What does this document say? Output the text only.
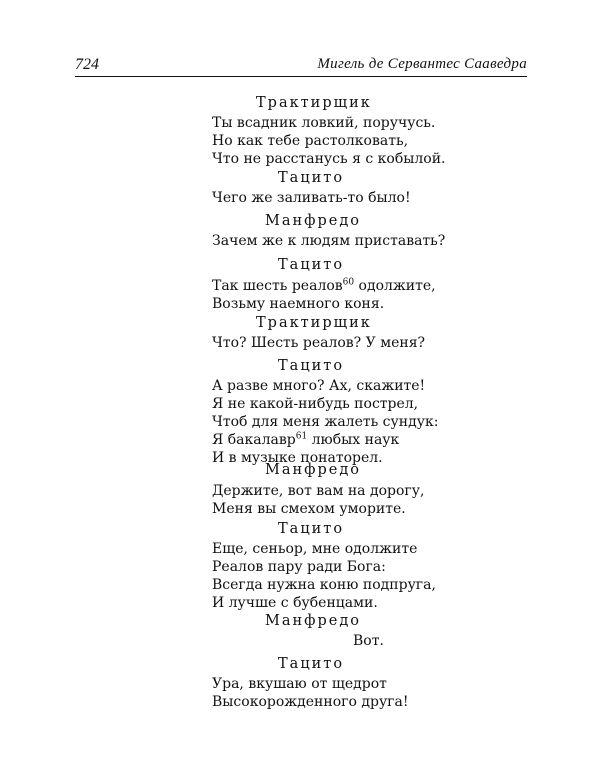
724	Мигель де Сервантес Сааведра
Трактирщик
Ты всадник ловкий, поручусь.
Но как тебе растолковать,
Что не расстанусь я с кобылой.
Тацито
Чего же заливать-то было!
Манфредо
Зачем же к людям приставать?
Тацито
Так шесть реалов$^{60}$ одолжите,
Возьму наемного коня.
Трактирщик
Что? Шесть реалов? У меня?
Тацито
А разве много? Ах, скажите!
Я не какой-нибудь пострел,
Чтоб для меня жалеть сундук:
Я бакалавр$^{61}$ любых наук
И в музыке понаторел.
Манфредо
Держите, вот вам на дорогу,
Меня вы смехом уморите.
Тацито
Еще, сеньор, мне одолжите
Реалов пару ради Бога:
Всегда нужна коню подпруга,
И лучше с бубенцами.
Манфредо
Вот.
Тацито
Ура, вкушаю от щедрот
Высокорожденного друга!
